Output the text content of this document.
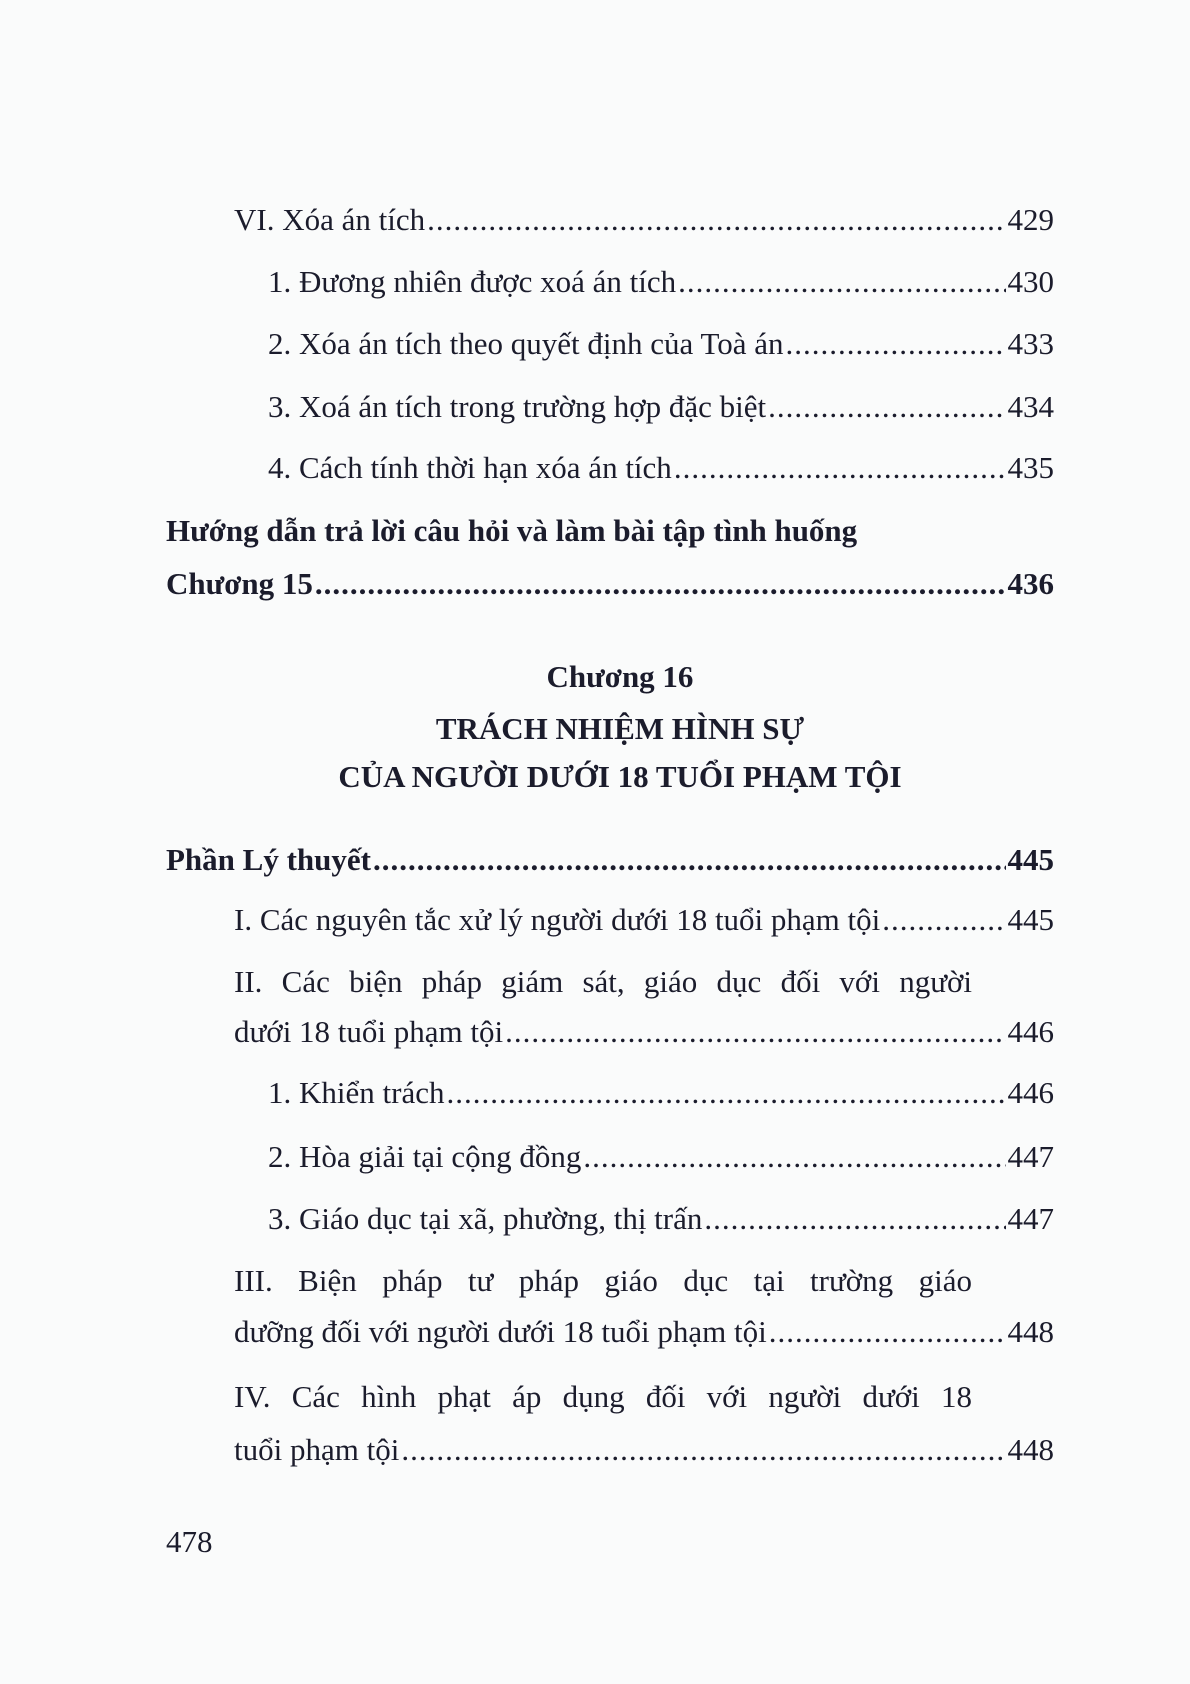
VI. Xóa án tích .....	429
1. Đương nhiên được xoá án tích .....	430
2. Xóa án tích theo quyết định của Toà án .....	433
3. Xoá án tích trong trường hợp đặc biệt .....	434
4. Cách tính thời hạn xóa án tích .....	435
Hướng dẫn trả lời câu hỏi và làm bài tập tình huống
Chương 15 .....	436
Chương 16
TRÁCH NHIỆM HÌNH SỰ
CỦA NGƯỜI DƯỚI 18 TUỔI PHẠM TỘI
Phần Lý thuyết .....	445
I. Các nguyên tắc xử lý người dưới 18 tuổi phạm tội .....	445
II. Các biện pháp giám sát, giáo dục đối với người
dưới 18 tuổi phạm tội .....	446
1. Khiển trách .....	446
2. Hòa giải tại cộng đồng .....	447
3. Giáo dục tại xã, phường, thị trấn .....	447
III. Biện pháp tư pháp giáo dục tại trường giáo
dưỡng đối với người dưới 18 tuổi phạm tội .....	448
IV. Các hình phạt áp dụng đối với người dưới 18
tuổi phạm tội .....	448
478
